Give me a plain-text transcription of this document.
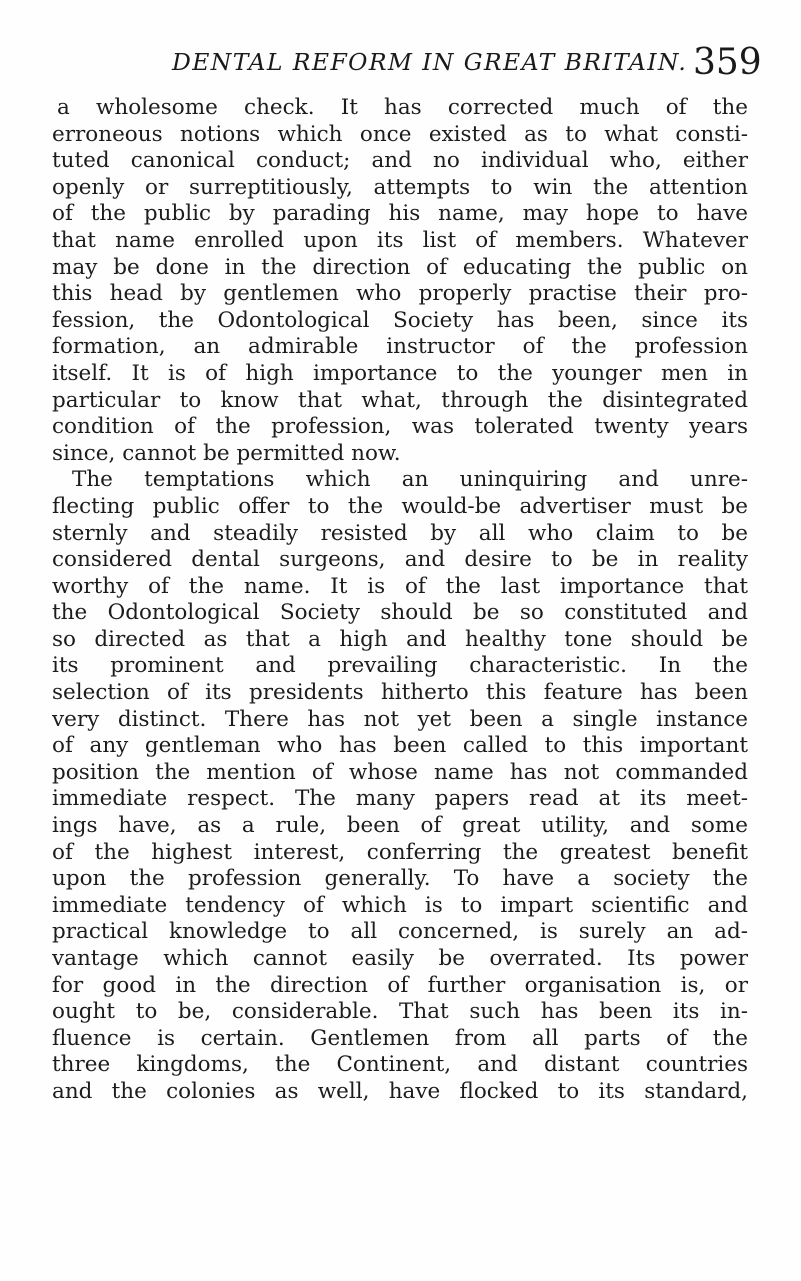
DENTAL REFORM IN GREAT BRITAIN. 359
a wholesome check. It has corrected much of the
erroneous notions which once existed as to what consti-
tuted canonical conduct; and no individual who, either
openly or surreptitiously, attempts to win the attention
of the public by parading his name, may hope to have
that name enrolled upon its list of members. Whatever
may be done in the direction of educating the public on
this head by gentlemen who properly practise their pro-
fession, the Odontological Society has been, since its
formation, an admirable instructor of the profession
itself. It is of high importance to the younger men in
particular to know that what, through the disintegrated
condition of the profession, was tolerated twenty years
since, cannot be permitted now.
The temptations which an uninquiring and unre-
flecting public offer to the would-be advertiser must be
sternly and steadily resisted by all who claim to be
considered dental surgeons, and desire to be in reality
worthy of the name. It is of the last importance that
the Odontological Society should be so constituted and
so directed as that a high and healthy tone should be
its prominent and prevailing characteristic. In the
selection of its presidents hitherto this feature has been
very distinct. There has not yet been a single instance
of any gentleman who has been called to this important
position the mention of whose name has not commanded
immediate respect. The many papers read at its meet-
ings have, as a rule, been of great utility, and some
of the highest interest, conferring the greatest benefit
upon the profession generally. To have a society the
immediate tendency of which is to impart scientific and
practical knowledge to all concerned, is surely an ad-
vantage which cannot easily be overrated. Its power
for good in the direction of further organisation is, or
ought to be, considerable. That such has been its in-
fluence is certain. Gentlemen from all parts of the
three kingdoms, the Continent, and distant countries
and the colonies as well, have flocked to its standard,
